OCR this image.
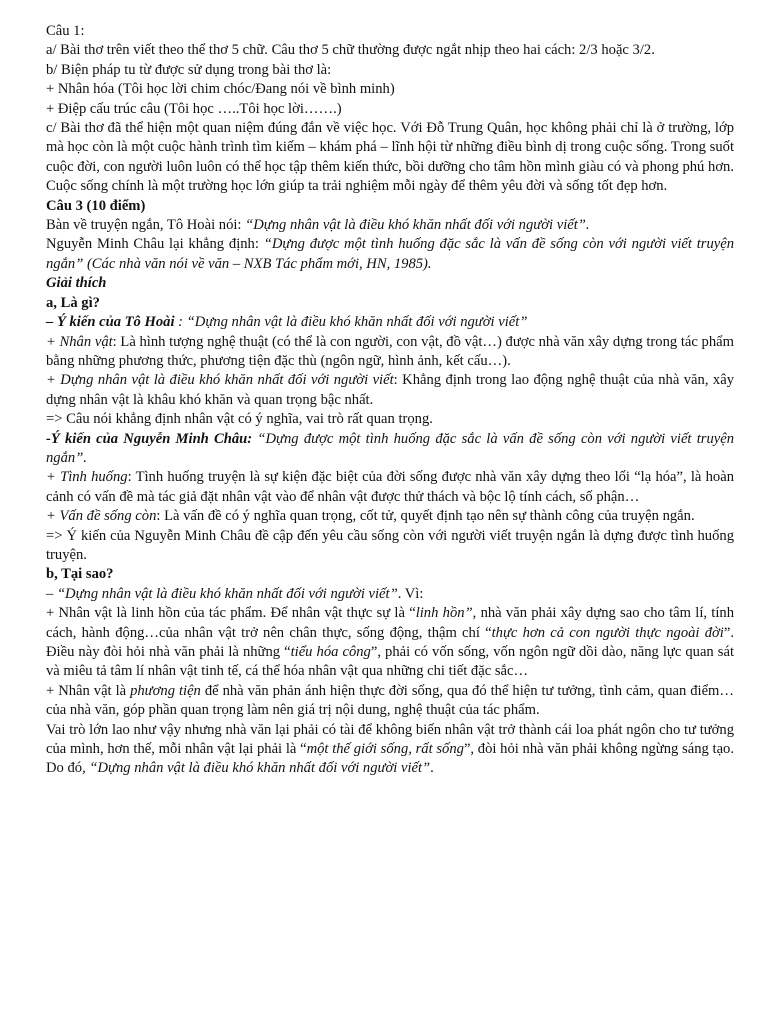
Câu 1:

a/ Bài thơ trên viết theo thể thơ 5 chữ. Câu thơ 5 chữ thường được ngắt nhịp theo hai cách: 2/3 hoặc 3/2.

b/ Biện pháp tu từ được sử dụng trong bài thơ là:

+ Nhân hóa (Tôi học lời chim chóc/Đang nói về bình minh)

+ Điệp cấu trúc câu (Tôi học …..Tôi học lời…….)

c/ Bài thơ đã thể hiện một quan niệm đúng đắn về việc học. Với Đỗ Trung Quân, học không phải chỉ là ở trường, lớp mà học còn là một cuộc hành trình tìm kiếm – khám phá – lĩnh hội từ những điều bình dị trong cuộc sống. Trong suốt cuộc đời, con người luôn luôn có thể học tập thêm kiến thức, bồi dưỡng cho tâm hồn mình giàu có và phong phú hơn. Cuộc sống chính là một trường học lớn giúp ta trải nghiệm mỗi ngày để thêm yêu đời và sống tốt đẹp hơn.

Câu 3 (10 điểm)

Bàn về truyện ngắn, Tô Hoài nói: “Dựng nhân vật là điều khó khăn nhất đối với người viết”.

Nguyễn Minh Châu lại khẳng định: “Dựng được một tình huống đặc sắc là vấn đề sống còn với người viết truyện ngắn” (Các nhà văn nói về văn – NXB Tác phẩm mới, HN, 1985).

Giải thích

a, Là gì?

– Ý kiến của Tô Hoài : “Dựng nhân vật là điều khó khăn nhất đối với người viết”

+ Nhân vật: Là hình tượng nghệ thuật (có thể là con người, con vật, đồ vật…) được nhà văn xây dựng trong tác phẩm bằng những phương thức, phương tiện đặc thù (ngôn ngữ, hình ảnh, kết cấu…).

+ Dựng nhân vật là điều khó khăn nhất đối với người viết: Khẳng định trong lao động nghệ thuật của nhà văn, xây dựng nhân vật là khâu khó khăn và quan trọng bậc nhất.

=> Câu nói khẳng định nhân vật có ý nghĩa, vai trò rất quan trọng.

-Ý kiến của Nguyễn Minh Châu: “Dựng được một tình huống đặc sắc là vấn đề sống còn với người viết truyện ngắn”.

+ Tình huống: Tình huống truyện là sự kiện đặc biệt của đời sống được nhà văn xây dựng theo lối “lạ hóa”, là hoàn cảnh có vấn đề mà tác giả đặt nhân vật vào để nhân vật được thử thách và bộc lộ tính cách, số phận…

+ Vấn đề sống còn: Là vấn đề có ý nghĩa quan trọng, cốt tử, quyết định tạo nên sự thành công của truyện ngắn.

=> Ý kiến của Nguyễn Minh Châu đề cập đến yêu cầu sống còn với người viết truyện ngắn là dựng được tình huống truyện.

b, Tại sao?

– “Dựng nhân vật là điều khó khăn nhất đối với người viết”. Vì:

+ Nhân vật là linh hồn của tác phẩm. Để nhân vật thực sự là “linh hồn”, nhà văn phải xây dựng sao cho tâm lí, tính cách, hành động…của nhân vật trở nên chân thực, sống động, thậm chí “thực hơn cả con người thực ngoài đời”. Điều này đòi hỏi nhà văn phải là những “tiểu hóa công”, phải có vốn sống, vốn ngôn ngữ dồi dào, năng lực quan sát và miêu tả tâm lí nhân vật tinh tế, cá thể hóa nhân vật qua những chi tiết đặc sắc…

+ Nhân vật là phương tiện để nhà văn phản ánh hiện thực đời sống, qua đó thể hiện tư tưởng, tình cảm, quan điểm…của nhà văn, góp phần quan trọng làm nên giá trị nội dung, nghệ thuật của tác phẩm.

Vai trò lớn lao như vậy nhưng nhà văn lại phải có tài để không biến nhân vật trở thành cái loa phát ngôn cho tư tưởng của mình, hơn thế, mỗi nhân vật lại phải là “một thế giới sống, rất sống”, đòi hỏi nhà văn phải không ngừng sáng tạo. Do đó, “Dựng nhân vật là điều khó khăn nhất đối với người viết”.
